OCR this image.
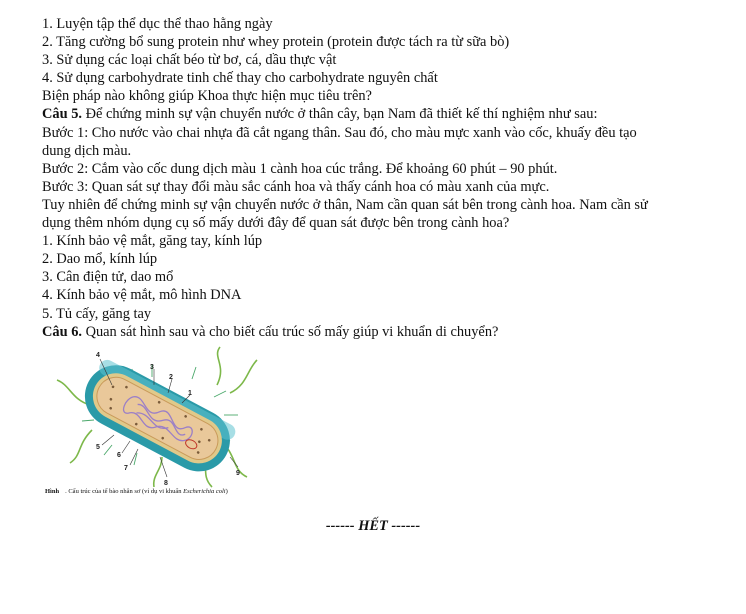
1. Luyện tập thể dục thể thao hằng ngày

2. Tăng cường bổ sung protein như whey protein (protein được tách ra từ sữa bò)

3. Sử dụng các loại chất béo từ bơ, cá, dầu thực vật

4. Sử dụng carbohydrate tinh chế thay cho carbohydrate nguyên chất

Biện pháp nào không giúp Khoa thực hiện mục tiêu trên?

Câu 5. Để chứng minh sự vận chuyển nước ở thân cây, bạn Nam đã thiết kế thí nghiệm như sau:

Bước 1: Cho nước vào chai nhựa đã cắt ngang thân. Sau đó, cho màu mực xanh vào cốc, khuấy đều tạo

dung dịch màu.

Bước 2: Cắm vào cốc dung dịch màu 1 cành hoa cúc trắng. Để khoảng 60 phút – 90 phút.

Bước 3: Quan sát sự thay đổi màu sắc cánh hoa và thấy cánh hoa có màu xanh của mực.

Tuy nhiên để chứng minh sự vận chuyển nước ở thân, Nam cần quan sát bên trong cành hoa. Nam cần sử

dụng thêm nhóm dụng cụ số mấy dưới đây để quan sát được bên trong cành hoa?

1. Kính bảo vệ mắt, găng tay, kính lúp

2. Dao mổ, kính lúp

3. Cân điện tử, dao mổ

4. Kính bảo vệ mắt, mô hình DNA

5. Tủ cấy, găng tay

Câu 6. Quan sát hình sau và cho biết cấu trúc số mấy giúp vi khuẩn di chuyển?

4
3
2
1
5
6
7
8
9
Hình . Cấu trúc của tế bào nhân sơ (ví dụ vi khuẩn Escherichia coli)
------ HẾT ------
